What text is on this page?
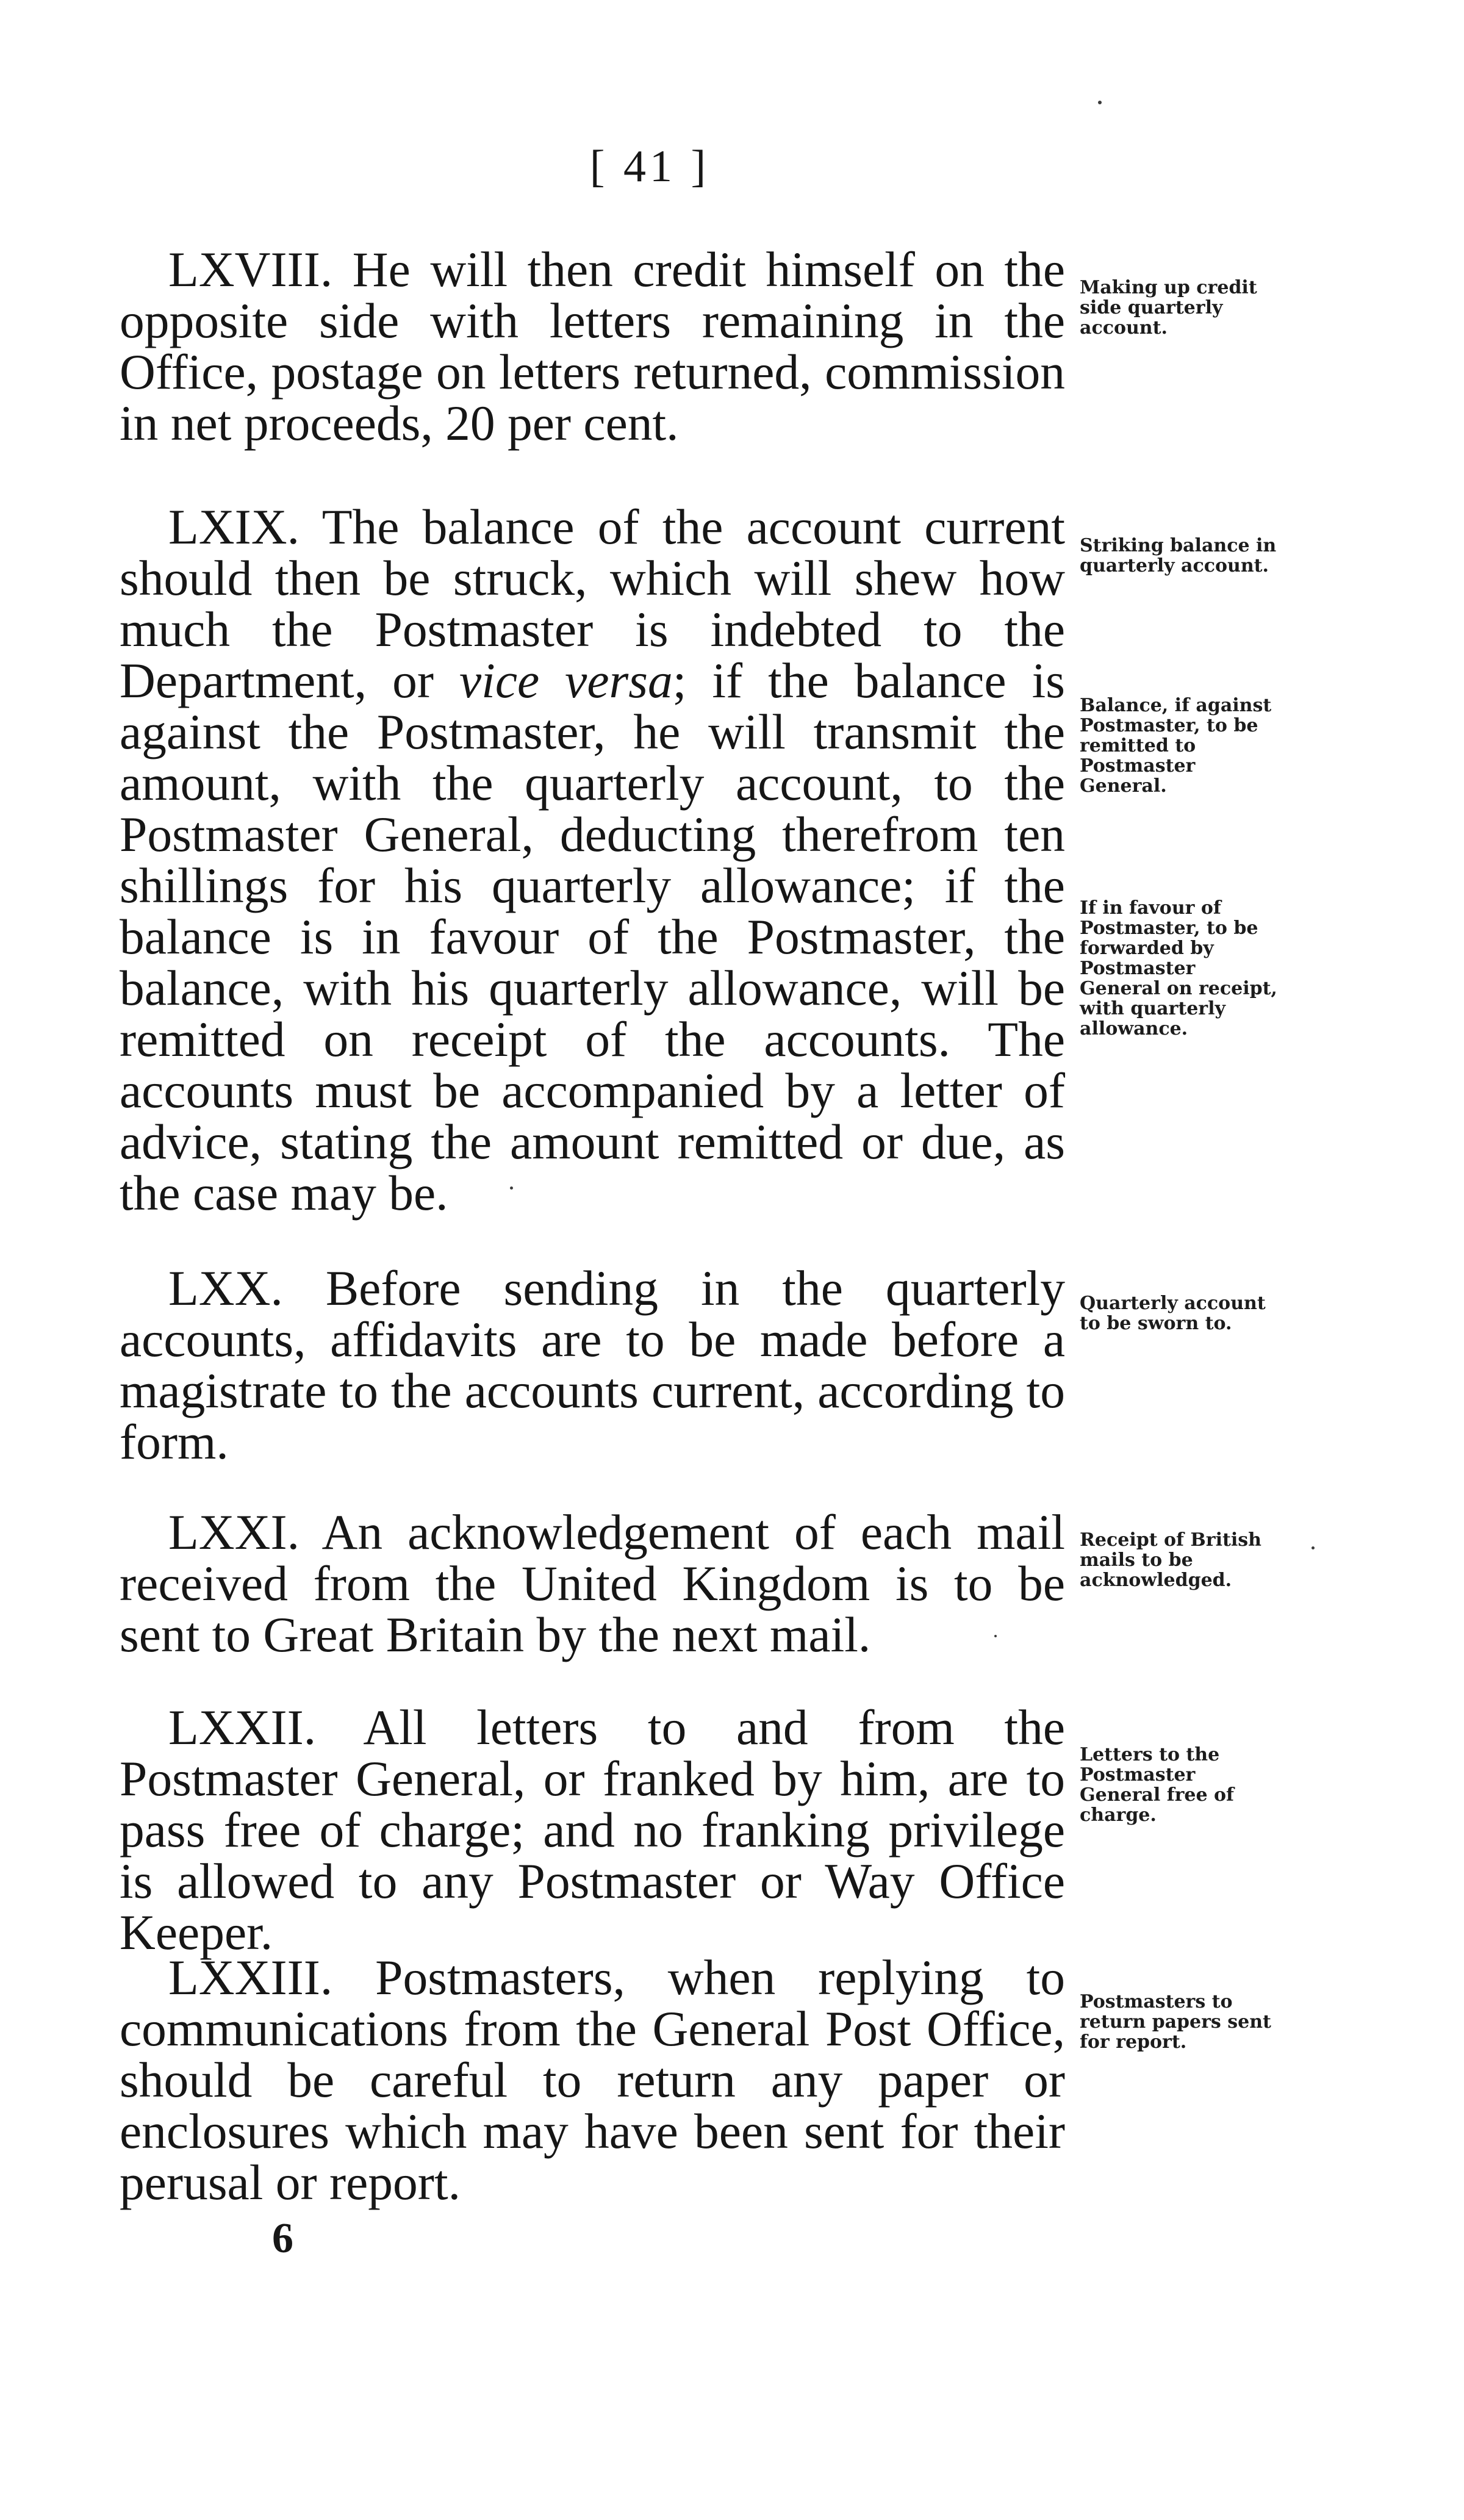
[ 41 ]

LXVIII. He will then credit himself on the opposite side with letters remaining in the Office, postage on letters returned, commission in net proceeds, 20 per cent.

Making up credit side quarterly account.

LXIX. The balance of the account current should then be struck, which will shew how much the Postmaster is indebted to the Department, or vice versa; if the balance is against the Postmaster, he will transmit the amount, with the quarterly account, to the Postmaster General, deducting therefrom ten shillings for his quarterly allowance; if the balance is in favour of the Postmaster, the balance, with his quarterly allowance, will be remitted on receipt of the accounts. The accounts must be accompanied by a letter of advice, stating the amount remitted or due, as the case may be.

Striking balance in quarterly account.
Balance, if against Postmaster, to be remitted to Postmaster General.
If in favour of Postmaster, to be forwarded by Postmaster General on receipt, with quarterly allowance.

LXX. Before sending in the quarterly accounts, affidavits are to be made before a magistrate to the accounts current, according to form.

Quarterly account to be sworn to.

LXXI. An acknowledgement of each mail received from the United Kingdom is to be sent to Great Britain by the next mail.

Receipt of British mails to be acknowledged.

LXXII. All letters to and from the Postmaster General, or franked by him, are to pass free of charge; and no franking privilege is allowed to any Postmaster or Way Office Keeper.

Letters to the Postmaster General free of charge.

LXXIII. Postmasters, when replying to communications from the General Post Office, should be careful to return any paper or enclosures which may have been sent for their perusal or report.

Postmasters to return papers sent for report.
6
